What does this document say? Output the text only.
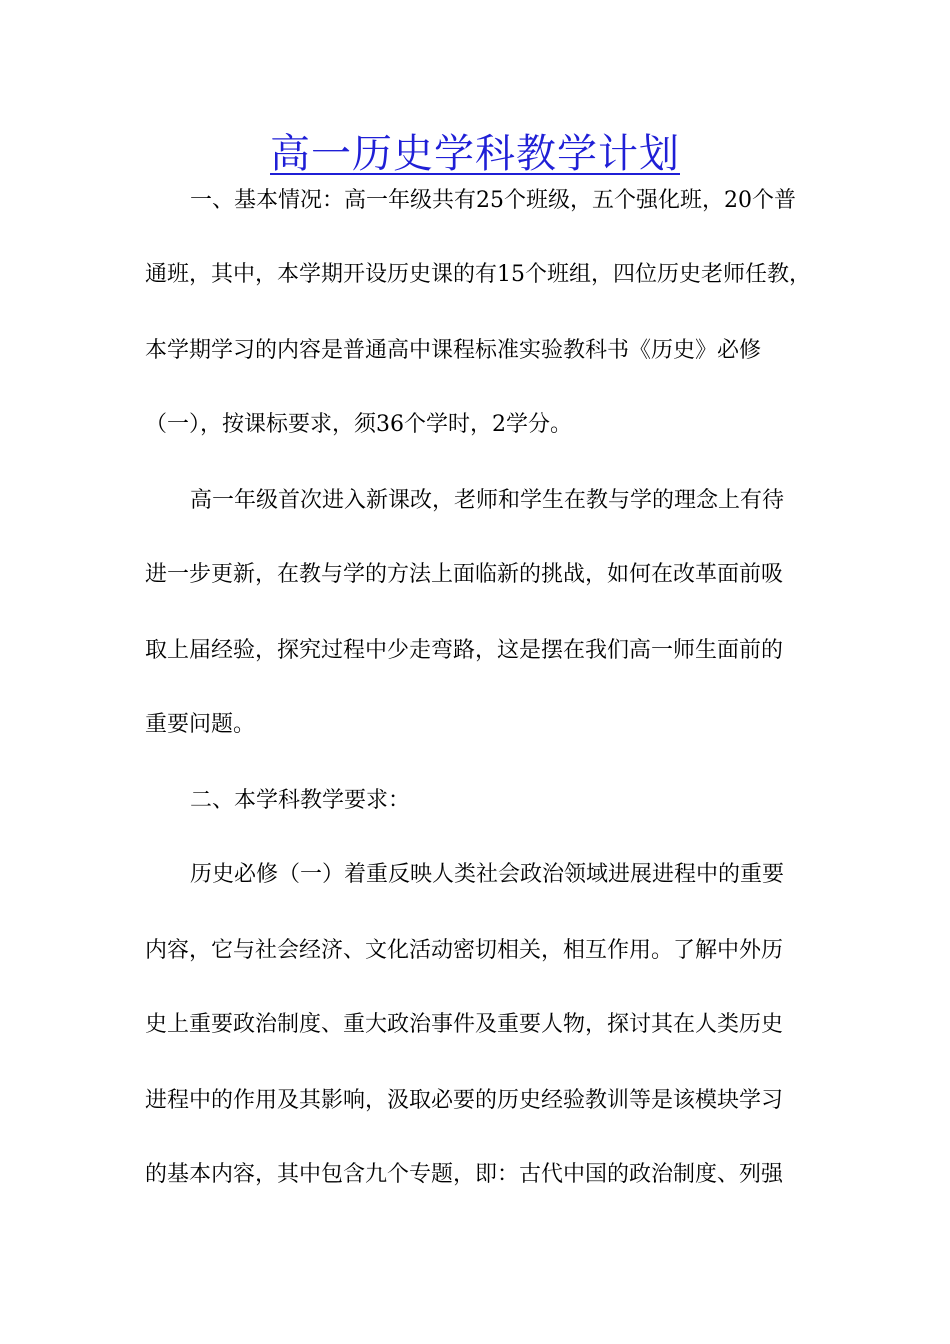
高一历史学科教学计划
一、基本情况：高一年级共有25个班级，五个强化班，20个普
通班，其中，本学期开设历史课的有15个班组，四位历史老师任教，
本学期学习的内容是普通高中课程标准实验教科书《历史》必修
（一），按课标要求，须36个学时，2学分。
高一年级首次进入新课改，老师和学生在教与学的理念上有待
进一步更新，在教与学的方法上面临新的挑战，如何在改革面前吸
取上届经验，探究过程中少走弯路，这是摆在我们高一师生面前的
重要问题。
二、本学科教学要求：
历史必修（一）着重反映人类社会政治领域进展进程中的重要
内容，它与社会经济、文化活动密切相关，相互作用。了解中外历
史上重要政治制度、重大政治事件及重要人物，探讨其在人类历史
进程中的作用及其影响，汲取必要的历史经验教训等是该模块学习
的基本内容，其中包含九个专题，即：古代中国的政治制度、列强
